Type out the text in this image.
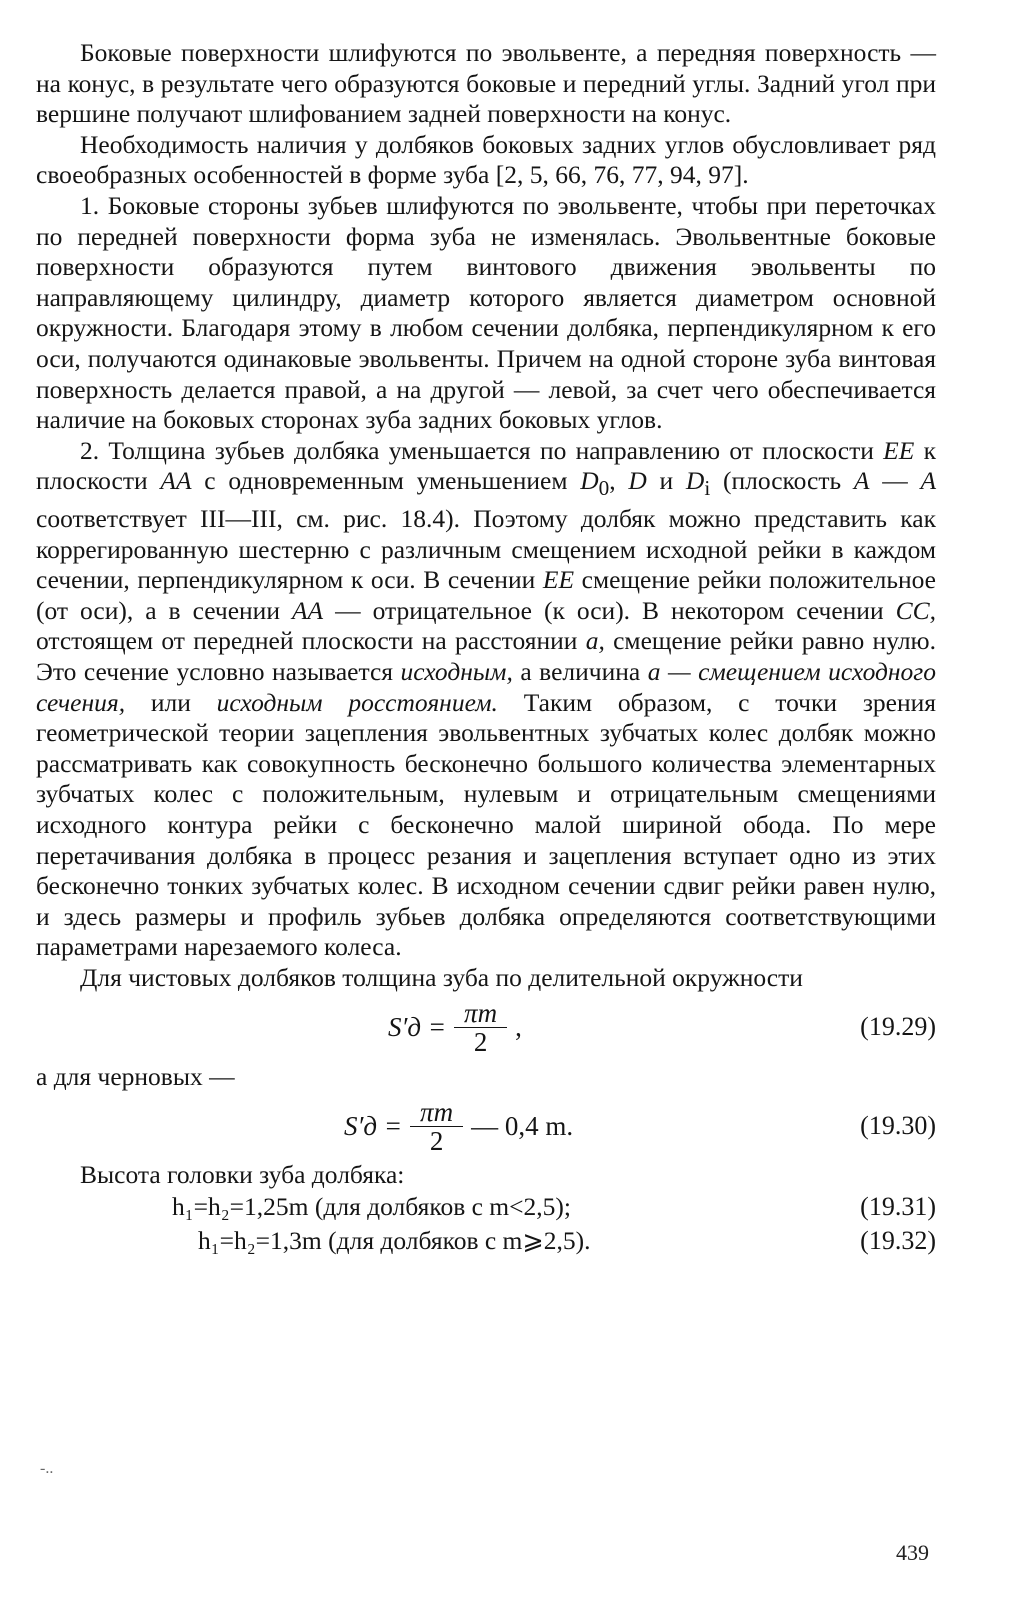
Боковые поверхности шлифуются по эвольвенте, а передняя поверхность — на конус, в результате чего образуются боковые и передний углы. Задний угол при вершине получают шлифованием задней поверхности на конус.

Необходимость наличия у долбяков боковых задних углов обусловливает ряд своеобразных особенностей в форме зуба [2, 5, 66, 76, 77, 94, 97].

1. Боковые стороны зубьев шлифуются по эвольвенте, чтобы при переточках по передней поверхности форма зуба не изменялась. Эвольвентные боковые поверхности образуются путем винтового движения эвольвенты по направляющему цилиндру, диаметр которого является диаметром основной окружности. Благодаря этому в любом сечении долбяка, перпендикулярном к его оси, получаются одинаковые эвольвенты. Причем на одной стороне зуба винтовая поверхность делается правой, а на другой — левой, за счет чего обеспечивается наличие на боковых сторонах зуба задних боковых углов.

2. Толщина зубьев долбяка уменьшается по направлению от плоскости EE к плоскости AA с одновременным уменьшением $D_0$, D и $D_i$ (плоскость A — A соответствует III—III, см. рис. 18.4). Поэтому долбяк можно представить как коррегированную шестерню с различным смещением исходной рейки в каждом сечении, перпендикулярном к оси. В сечении EE смещение рейки положительное (от оси), а в сечении AA — отрицательное (к оси). В некотором сечении CC, отстоящем от передней плоскости на расстоянии a, смещение рейки равно нулю. Это сечение условно называется исходным, а величина a — смещением исходного сечения, или исходным росстоянием. Таким образом, с точки зрения геометрической теории зацепления эвольвентных зубчатых колес долбяк можно рассматривать как совокупность бесконечно большого количества элементарных зубчатых колес с положительным, нулевым и отрицательным смещениями исходного контура рейки с бесконечно малой шириной обода. По мере перетачивания долбяка в процесс резания и зацепления вступает одно из этих бесконечно тонких зубчатых колес. В исходном сечении сдвиг рейки равен нулю, и здесь размеры и профиль зубьев долбяка определяются соответствующими параметрами нарезаемого колеса.

Для чистовых долбяков толщина зуба по делительной окружности

$S'д = \frac{\pi m}{2}$ ,	(19.29)

а для черновых —

$S'д = \frac{\pi m}{2}$ — 0,4 m.	(19.30)

Высота головки зуба долбяка:

h₁=h₂=1,25m (для долбяков с m<2,5);	(19.31)
h₁=h₂=1,3m (для долбяков с m⩾2,5).	(19.32)
-..
439
